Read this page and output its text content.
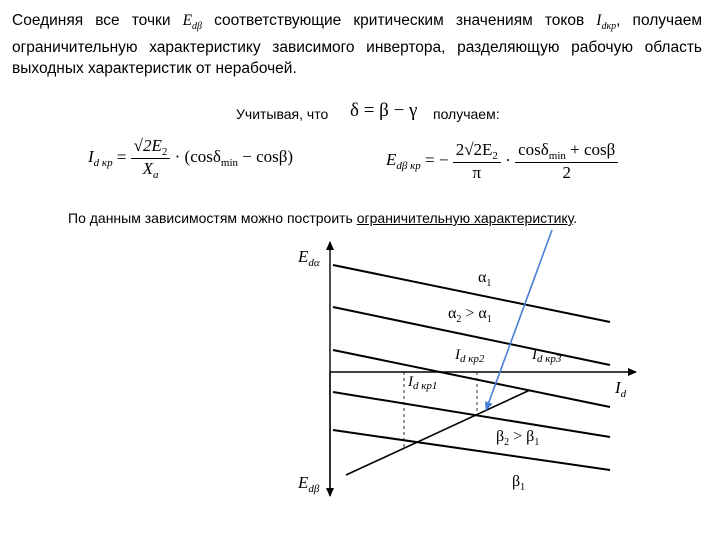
Соединяя все точки $E_{d\beta}$ соответствующие критическим значениям токов $I_{dкр}$, получаем ограничительную характеристику зависимого инвертора, разделяющую рабочую область выходных характеристик от нерабочей.
Учитывая, что δ = β − γ получаем:
$I_{d кр} = \frac{√2E_2}{X_a} \cdot (\cos\delta_{min} - \cos\beta)$	$E_{d\beta кр}$ = − $\frac{2√2E_2}{\pi} \cdot \frac{\cos\delta_{min} + \cos\beta}{2}$
По данным зависимостям можно построить ограничительную характеристику.
$E_{d\alpha}$
$E_{d\beta}$
$I_d$
$\alpha_1$
$\alpha_2 > \alpha_1$
$I_{d кр2}$	$I_{d кр3}$
$I_{d кр1}$
$\beta_2 > \beta_1$
$\beta_1$
